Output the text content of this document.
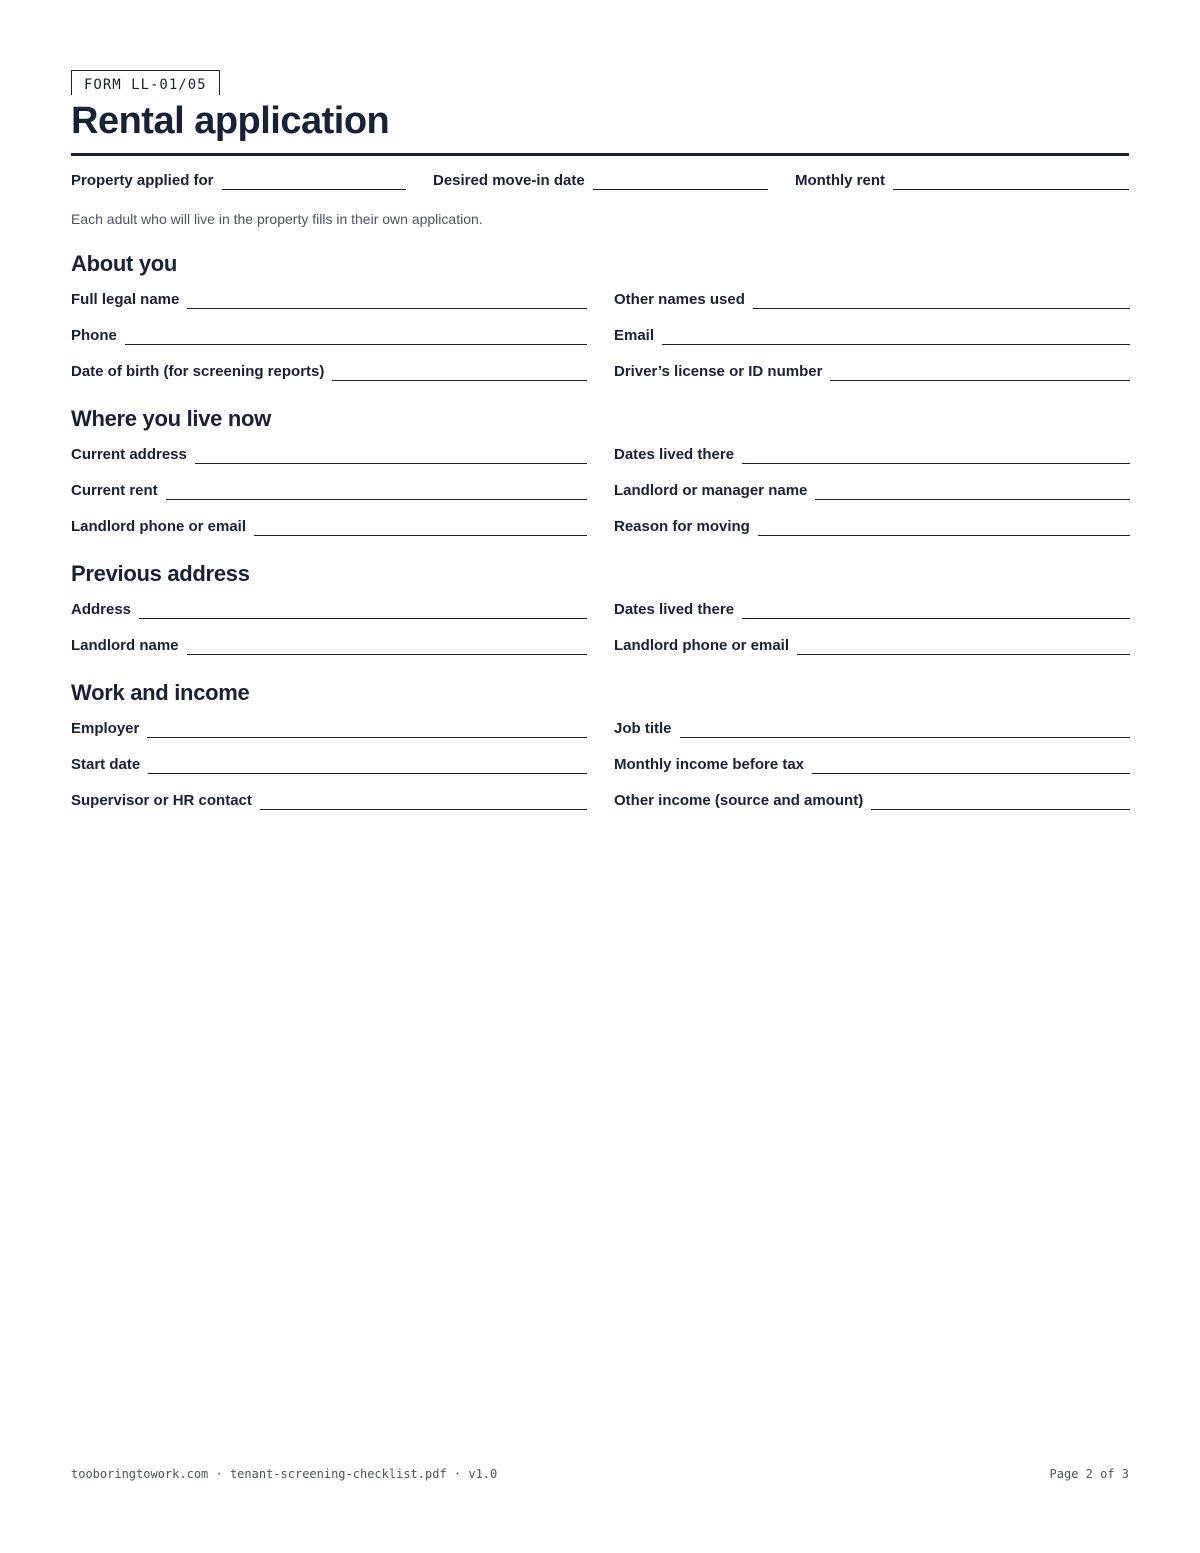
FORM LL-01/05
Rental application
Property applied for	Desired move-in date	Monthly rent
Each adult who will live in the property fills in their own application.
About you
Full legal name	Other names used
Phone	Email
Date of birth (for screening reports)	Driver’s license or ID number
Where you live now
Current address	Dates lived there
Current rent	Landlord or manager name
Landlord phone or email	Reason for moving
Previous address
Address	Dates lived there
Landlord name	Landlord phone or email
Work and income
Employer	Job title
Start date	Monthly income before tax
Supervisor or HR contact	Other income (source and amount)
tooboringtowork.com · tenant-screening-checklist.pdf · v1.0	Page 2 of 3
